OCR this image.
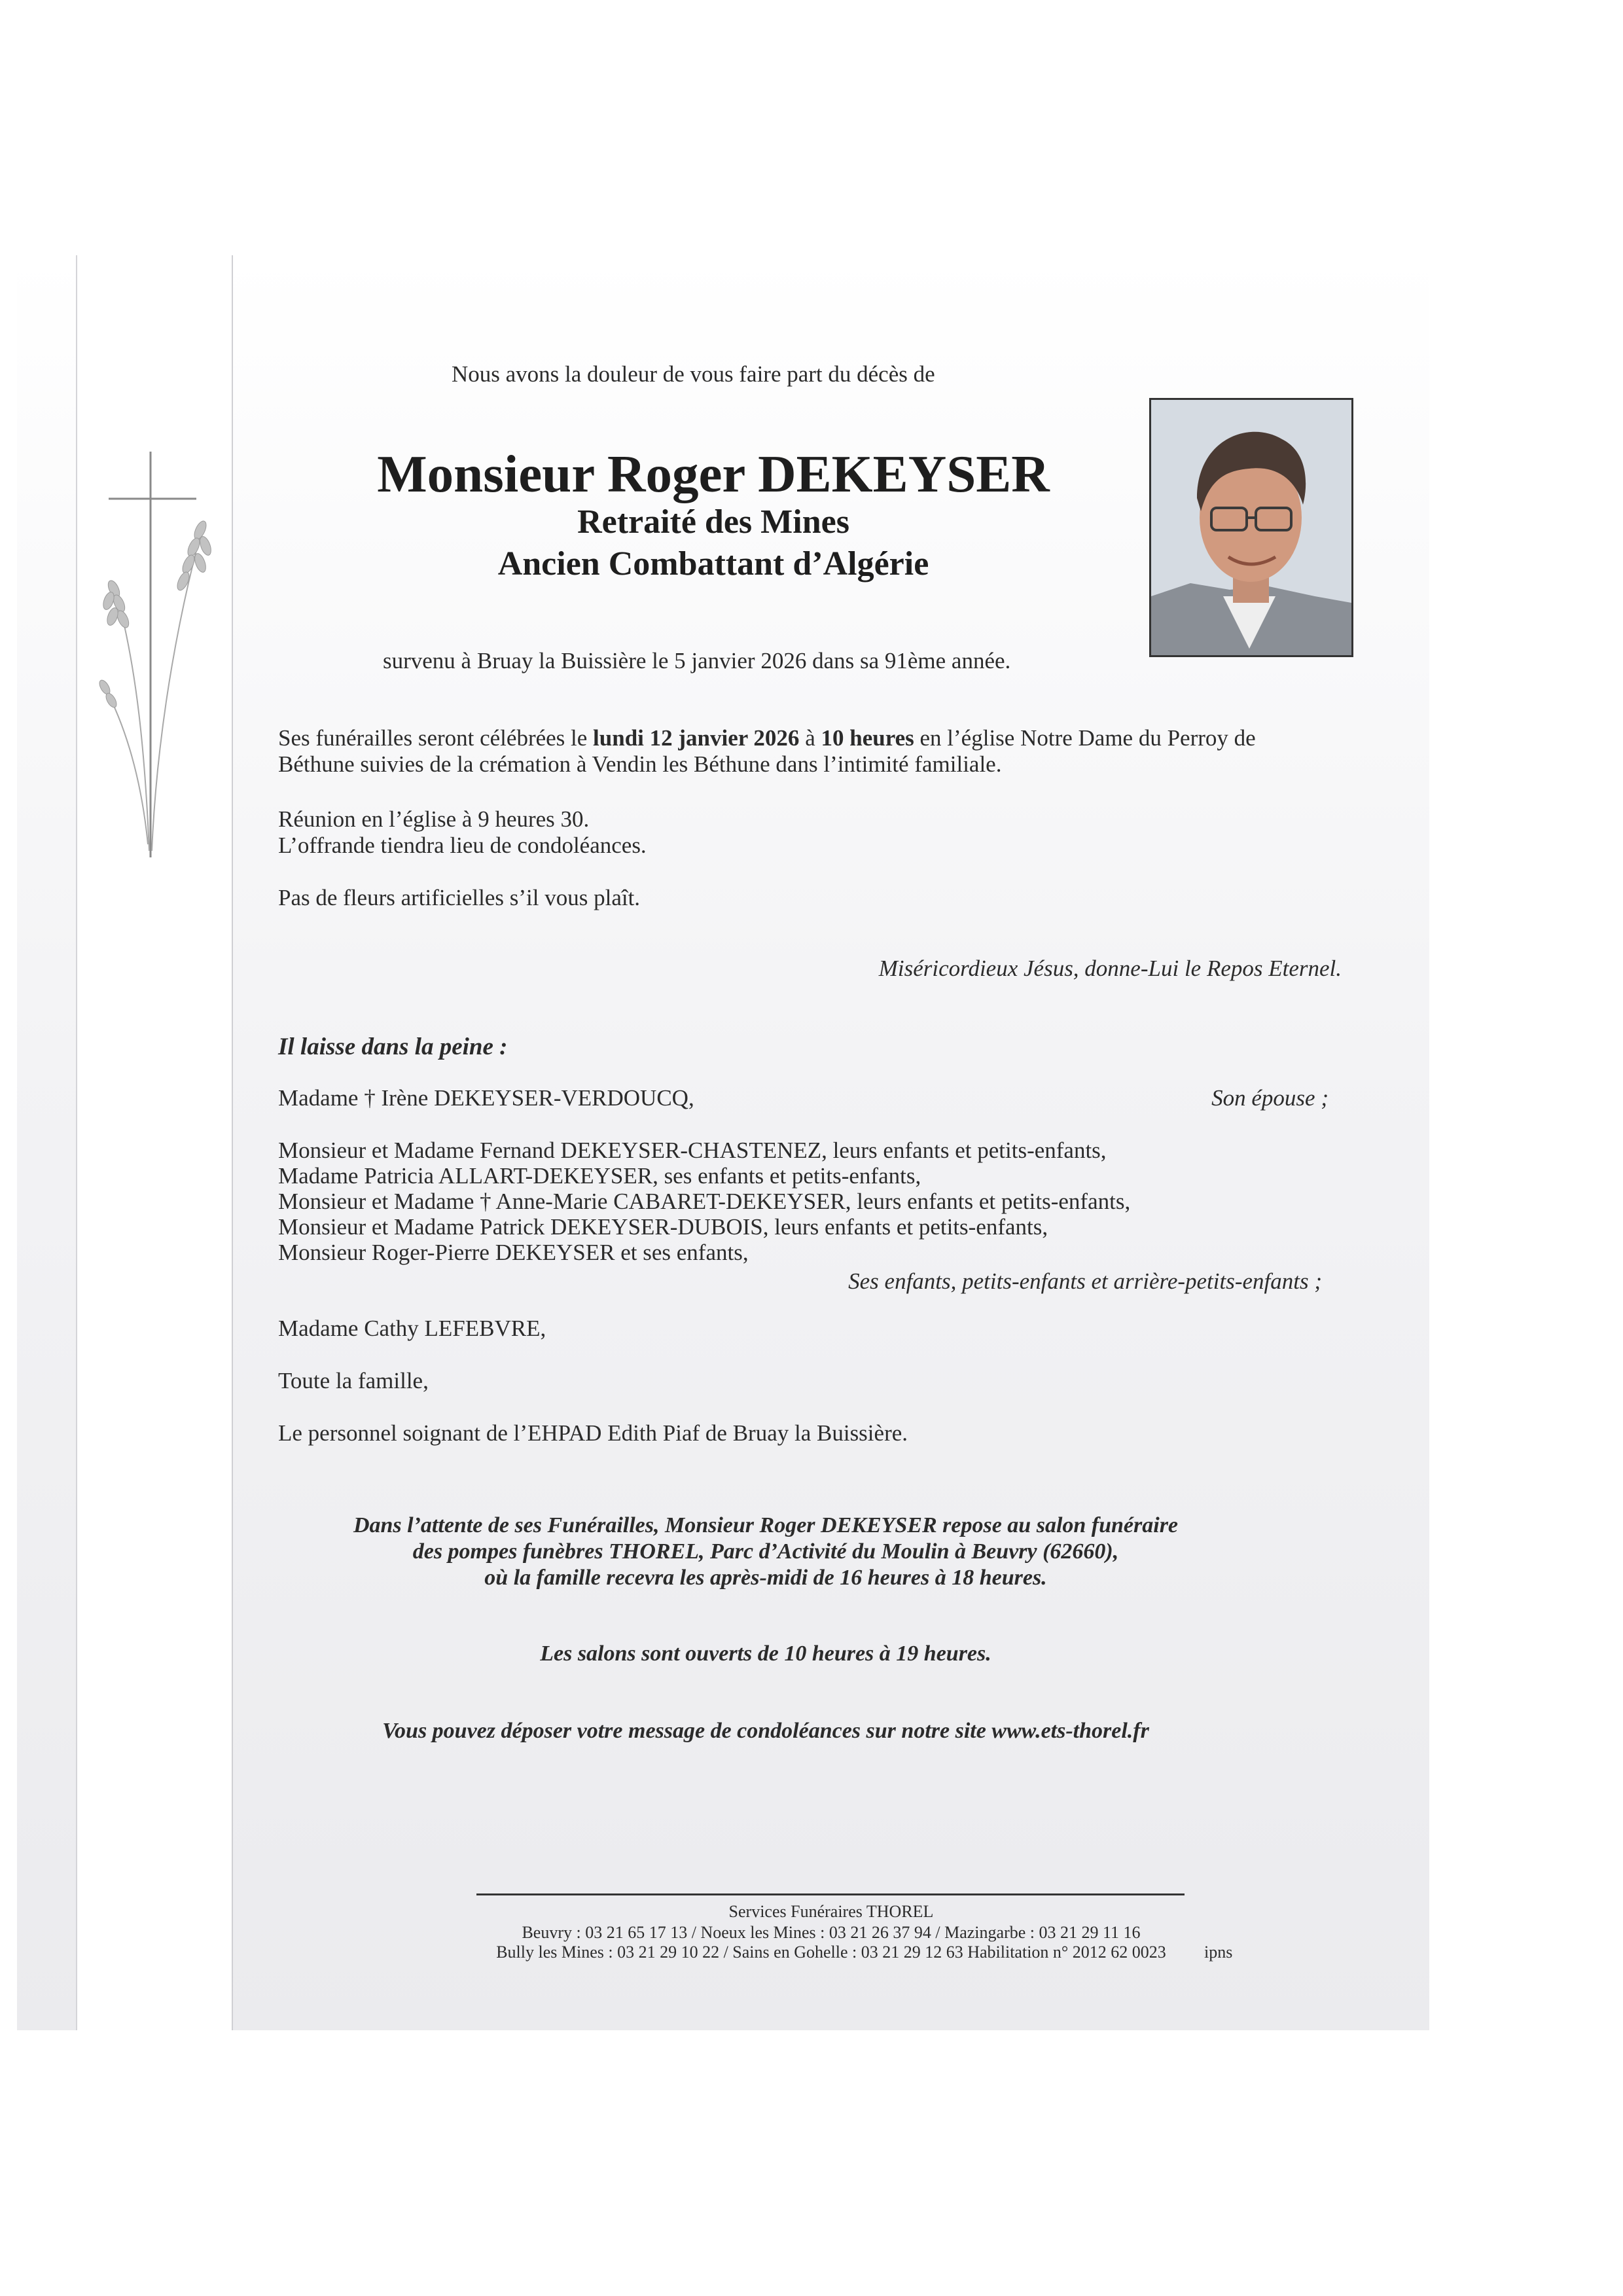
Nous avons la douleur de vous faire part du décès de
Monsieur Roger DEKEYSER
Retraité des Mines
Ancien Combattant d’Algérie
survenu à Bruay la Buissière le 5 janvier 2026 dans sa 91ème année.
Ses funérailles seront célébrées le lundi 12 janvier 2026 à 10 heures en l’église Notre Dame du Perroy de
Béthune suivies de la crémation à Vendin les Béthune dans l’intimité familiale.
Réunion en l’église à 9 heures 30.
L’offrande tiendra lieu de condoléances.
Pas de fleurs artificielles s’il vous plaît.
Miséricordieux Jésus, donne-Lui le Repos Eternel.
Il laisse dans la peine :
Madame † Irène DEKEYSER-VERDOUCQ,	Son épouse ;
Monsieur et Madame Fernand DEKEYSER-CHASTENEZ, leurs enfants et petits-enfants,
Madame Patricia ALLART-DEKEYSER, ses enfants et petits-enfants,
Monsieur et Madame † Anne-Marie CABARET-DEKEYSER, leurs enfants et petits-enfants,
Monsieur et Madame Patrick DEKEYSER-DUBOIS, leurs enfants et petits-enfants,
Monsieur Roger-Pierre DEKEYSER et ses enfants,
Ses enfants, petits-enfants et arrière-petits-enfants ;
Madame Cathy LEFEBVRE,
Toute la famille,
Le personnel soignant de l’EHPAD Edith Piaf de Bruay la Buissière.
Dans l’attente de ses Funérailles, Monsieur Roger DEKEYSER repose au salon funéraire
des pompes funèbres THOREL, Parc d’Activité du Moulin à Beuvry (62660),
où la famille recevra les après-midi de 16 heures à 18 heures.
Les salons sont ouverts de 10 heures à 19 heures.
Vous pouvez déposer votre message de condoléances sur notre site www.ets-thorel.fr
Services Funéraires THOREL
Beuvry : 03 21 65 17 13 / Noeux les Mines : 03 21 26 37 94 / Mazingarbe : 03 21 29 11 16
Bully les Mines : 03 21 29 10 22 / Sains en Gohelle : 03 21 29 12 63 Habilitation n° 2012 62 0023	ipns
